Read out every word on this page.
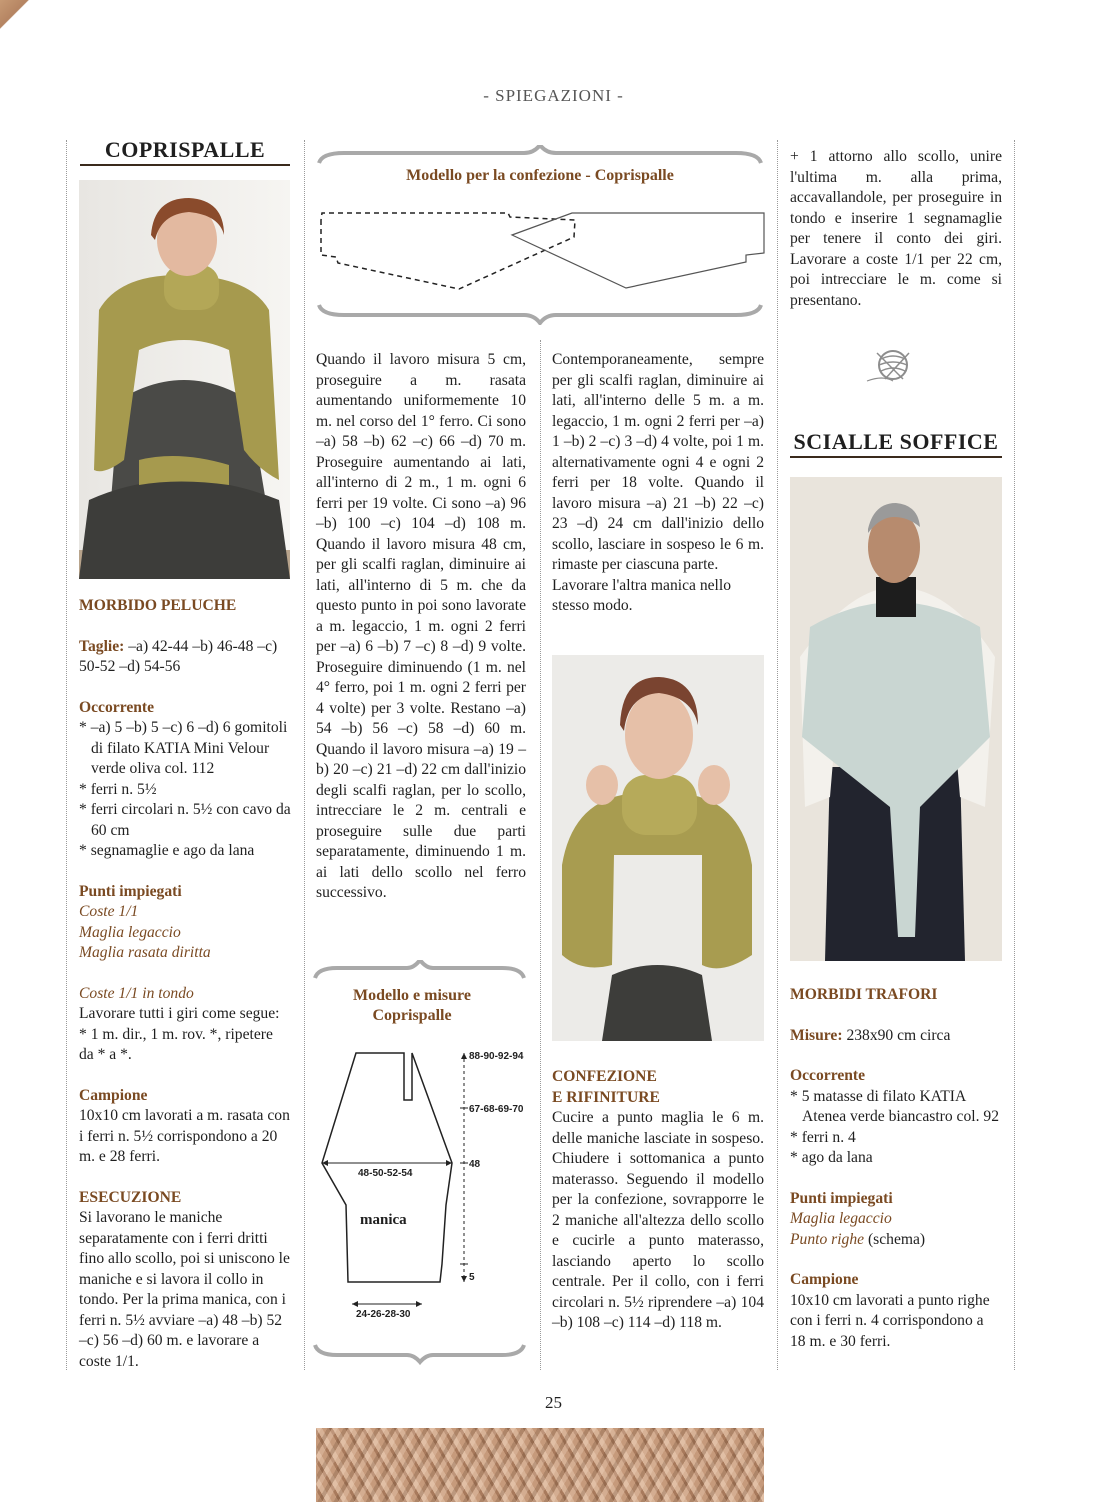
- SPIEGAZIONI -
COPRISPALLE

MORBIDO PELUCHE

Taglie: –a) 42-44 –b) 46-48 –c) 50-52 –d) 54-56

Occorrente

* –a) 5 –b) 5 –c) 6 –d) 6 gomitoli di filato KATIA Mini Velour verde oliva col. 112

* ferri n. 5½

* ferri circolari n. 5½ con cavo da 60 cm

* segnamaglie e ago da lana

Punti impiegati

Coste 1/1

Maglia legaccio

Maglia rasata diritta

Coste 1/1 in tondo

Lavorare tutti i giri come segue: * 1 m. dir., 1 m. rov. *, ripetere da * a *.

Campione

10x10 cm lavorati a m. rasata con i ferri n. 5½ corrispondono a 20 m. e 28 ferri.

ESECUZIONE

Si lavorano le maniche separatamente con i ferri dritti fino allo scollo, poi si uniscono le maniche e si lavora il collo in tondo. Per la prima manica, con i ferri n. 5½ avviare –a) 48 –b) 52 –c) 56 –d) 60 m. e lavorare a coste 1/1.

Modello per la confezione - Coprispalle
Quando il lavoro misura 5 cm, proseguire a m. rasata aumentando uniformemente 10 m. nel corso del 1° ferro. Ci sono –a) 58 –b) 62 –c) 66 –d) 70 m. Proseguire aumentando ai lati, all'interno di 2 m., 1 m. ogni 6 ferri per 19 volte. Ci sono –a) 96 –b) 100 –c) 104 –d) 108 m. Quando il lavoro misura 48 cm, per gli scalfi raglan, diminuire ai lati, all'interno di 5 m. che da questo punto in poi sono lavorate a m. legaccio, 1 m. ogni 2 ferri per –a) 6 –b) 7 –c) 8 –d) 9 volte. Proseguire diminuendo (1 m. nel 4° ferro, poi 1 m. ogni 2 ferri per 4 volte) per 3 volte. Restano –a) 54 –b) 56 –c) 58 –d) 60 m. Quando il lavoro misura –a) 19 –b) 20 –c) 21 –d) 22 cm dall'inizio degli scalfi raglan, per lo scollo, intrecciare le 2 m. centrali e proseguire sulle due parti separatamente, diminuendo 1 m. ai lati dello scollo nel ferro successivo.
Modello e misure Coprispalle
88-90-92-94
67-68-69-70
48
48-50-52-54
manica
5
24-26-28-30

Contemporaneamente, sempre per gli scalfi raglan, diminuire ai lati, all'interno delle 5 m. a m. legaccio, 1 m. ogni 2 ferri per –a) 1 –b) 2 –c) 3 –d) 4 volte, poi 1 m. alternativamente ogni 4 e ogni 2 ferri per 18 volte. Quando il lavoro misura –a) 21 –b) 22 –c) 23 –d) 24 cm dall'inizio dello scollo, lasciare in sospeso le 6 m. rimaste per ciascuna parte.

Lavorare l'altra manica nello stesso modo.

CONFEZIONE

E RIFINITURE

Cucire a punto maglia le 6 m. delle maniche lasciate in sospeso. Chiudere i sottomanica a punto materasso. Seguendo il modello per la confezione, sovrapporre le 2 maniche all'altezza dello scollo e cucirle a punto materasso, lasciando aperto lo scollo centrale. Per il collo, con i ferri circolari n. 5½ riprendere –a) 104 –b) 108 –c) 114 –d) 118 m.

+ 1 attorno allo scollo, unire l'ultima m. alla prima, accavallandole, per proseguire in tondo e inserire 1 segnamaglie per tenere il conto dei giri. Lavorare a coste 1/1 per 22 cm, poi intrecciare le m. come si presentano.
SCIALLE SOFFICE

MORBIDI TRAFORI

Misure: 238x90 cm circa

Occorrente

* 5 matasse di filato KATIA Atenea verde biancastro col. 92

* ferri n. 4

* ago da lana

Punti impiegati

Maglia legaccio

Punto righe (schema)

Campione

10x10 cm lavorati a punto righe con i ferri n. 4 corrispondono a 18 m. e 30 ferri.

25
